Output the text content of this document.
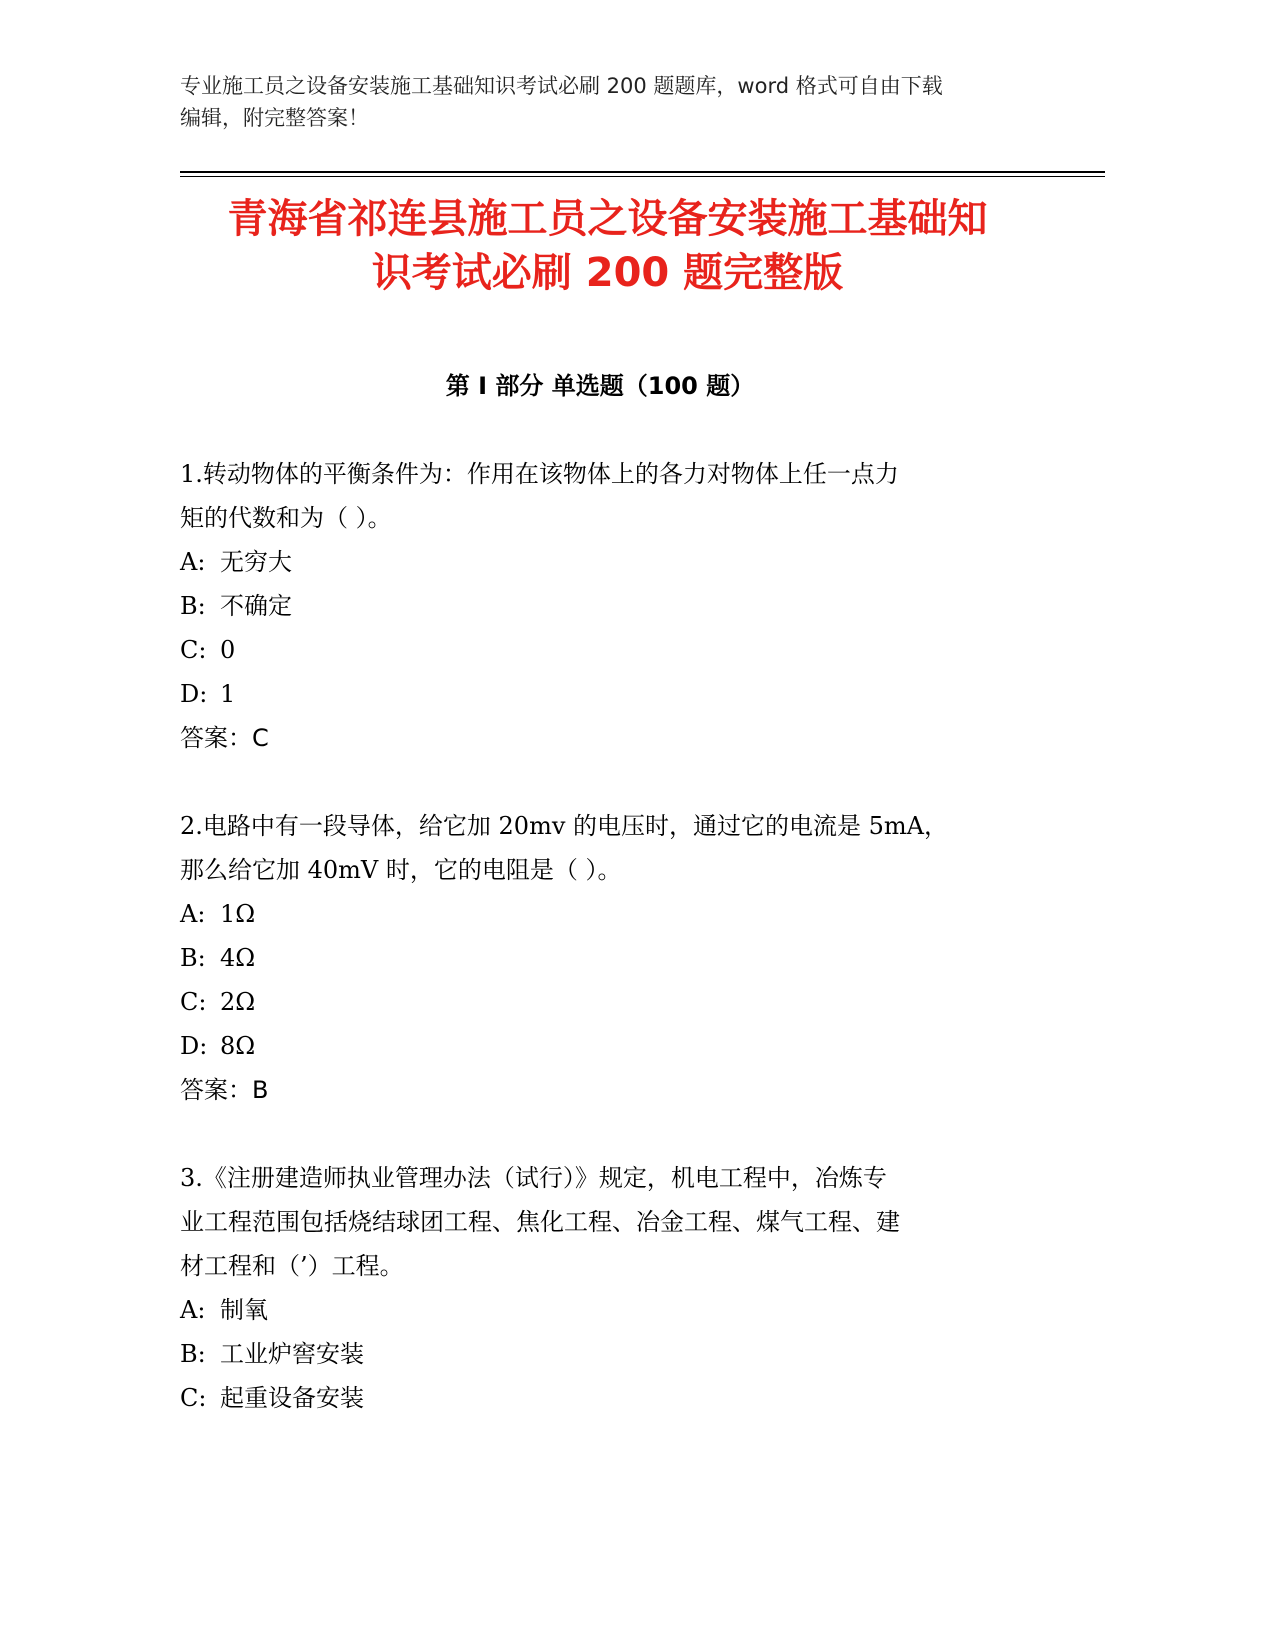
专业施工员之设备安装施工基础知识考试必刷 200 题题库，word 格式可自由下载
编辑，附完整答案！
青海省祁连县施工员之设备安装施工基础知
识考试必刷 200 题完整版
第 I 部分 单选题（100 题）

1.转动物体的平衡条件为：作用在该物体上的各力对物体上任一点力

矩的代数和为（ ）。

A: 无穷大

B: 不确定

C: 0

D: 1

答案：C

2.电路中有一段导体，给它加 20mv 的电压时，通过它的电流是 5mA，

那么给它加 40mV 时，它的电阻是（ ）。

A: 1Ω

B: 4Ω

C: 2Ω

D: 8Ω

答案：B

3.《注册建造师执业管理办法（试行）》规定，机电工程中，冶炼专

业工程范围包括烧结球团工程、焦化工程、冶金工程、煤气工程、建

材工程和（’）工程。

A: 制氧

B: 工业炉窖安装

C: 起重设备安装
